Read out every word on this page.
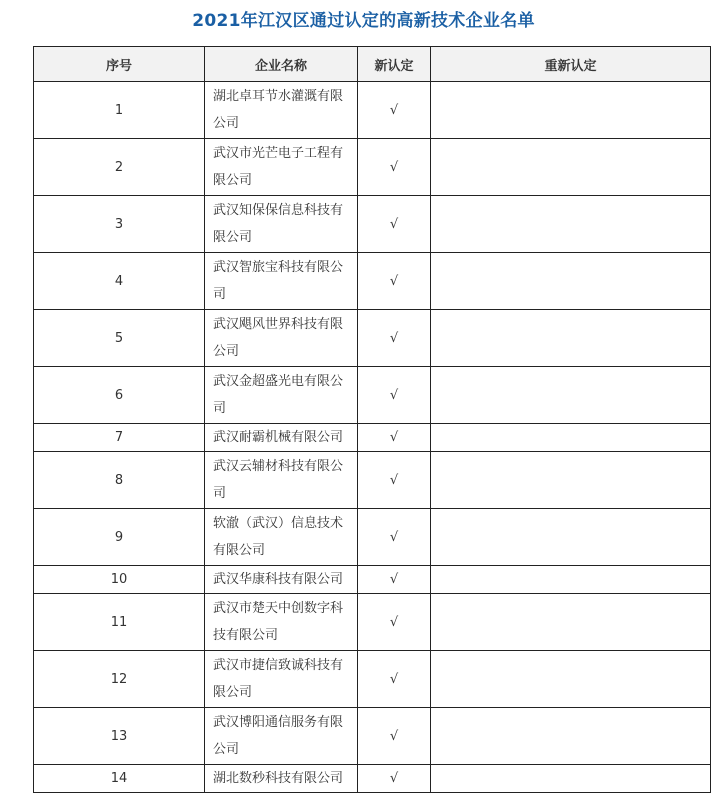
2021年江汉区通过认定的高新技术企业名单
序号	企业名称	新认定	重新认定
1	湖北卓耳节水灌溉有限公司	√	
2	武汉市光芒电子工程有限公司	√	
3	武汉知保保信息科技有限公司	√	
4	武汉智旅宝科技有限公司	√	
5	武汉飓风世界科技有限公司	√	
6	武汉金超盛光电有限公司	√	
7	武汉耐霸机械有限公司	√	
8	武汉云辅材科技有限公司	√	
9	软澈（武汉）信息技术有限公司	√	
10	武汉华康科技有限公司	√	
11	武汉市楚天中创数字科技有限公司	√	
12	武汉市捷信致诚科技有限公司	√	
13	武汉博阳通信服务有限公司	√	
14	湖北数秒科技有限公司	√	
